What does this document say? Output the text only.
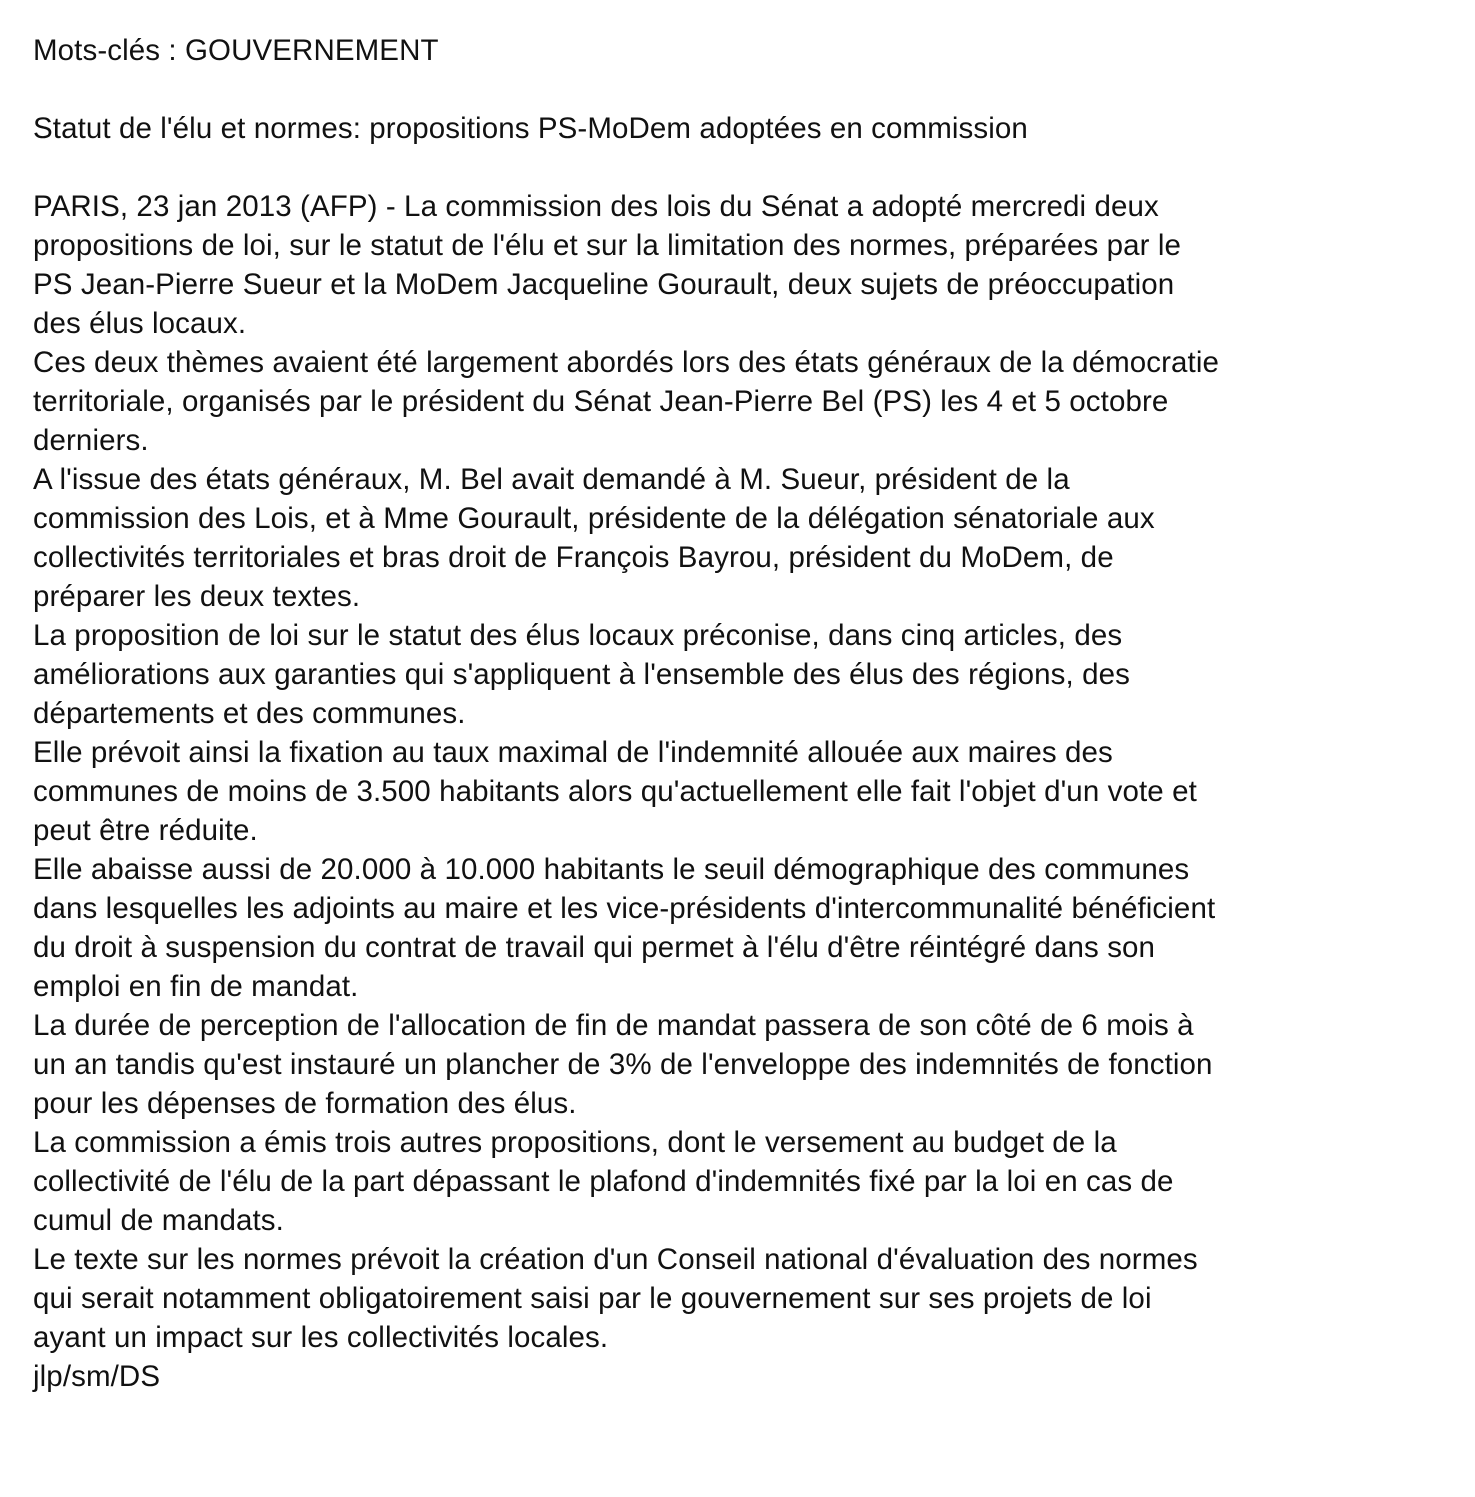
Mots-clés : GOUVERNEMENT

Statut de l'élu et normes: propositions PS-MoDem adoptées en commission

PARIS, 23 jan 2013 (AFP) - La commission des lois du Sénat a adopté mercredi deux
propositions de loi, sur le statut de l'élu et sur la limitation des normes, préparées par le
PS Jean-Pierre Sueur et la MoDem Jacqueline Gourault, deux sujets de préoccupation
des élus locaux.

Ces deux thèmes avaient été largement abordés lors des états généraux de la démocratie
territoriale, organisés par le président du Sénat Jean-Pierre Bel (PS) les 4 et 5 octobre
derniers.

A l'issue des états généraux, M. Bel avait demandé à M. Sueur, président de la
commission des Lois, et à Mme Gourault, présidente de la délégation sénatoriale aux
collectivités territoriales et bras droit de François Bayrou, président du MoDem, de
préparer les deux textes.

La proposition de loi sur le statut des élus locaux préconise, dans cinq articles, des
améliorations aux garanties qui s'appliquent à l'ensemble des élus des régions, des
départements et des communes.

Elle prévoit ainsi la fixation au taux maximal de l'indemnité allouée aux maires des
communes de moins de 3.500 habitants alors qu'actuellement elle fait l'objet d'un vote et
peut être réduite.

Elle abaisse aussi de 20.000 à 10.000 habitants le seuil démographique des communes
dans lesquelles les adjoints au maire et les vice-présidents d'intercommunalité bénéficient
du droit à suspension du contrat de travail qui permet à l'élu d'être réintégré dans son
emploi en fin de mandat.

La durée de perception de l'allocation de fin de mandat passera de son côté de 6 mois à
un an tandis qu'est instauré un plancher de 3% de l'enveloppe des indemnités de fonction
pour les dépenses de formation des élus.

La commission a émis trois autres propositions, dont le versement au budget de la
collectivité de l'élu de la part dépassant le plafond d'indemnités fixé par la loi en cas de
cumul de mandats.

Le texte sur les normes prévoit la création d'un Conseil national d'évaluation des normes
qui serait notamment obligatoirement saisi par le gouvernement sur ses projets de loi
ayant un impact sur les collectivités locales.

jlp/sm/DS
